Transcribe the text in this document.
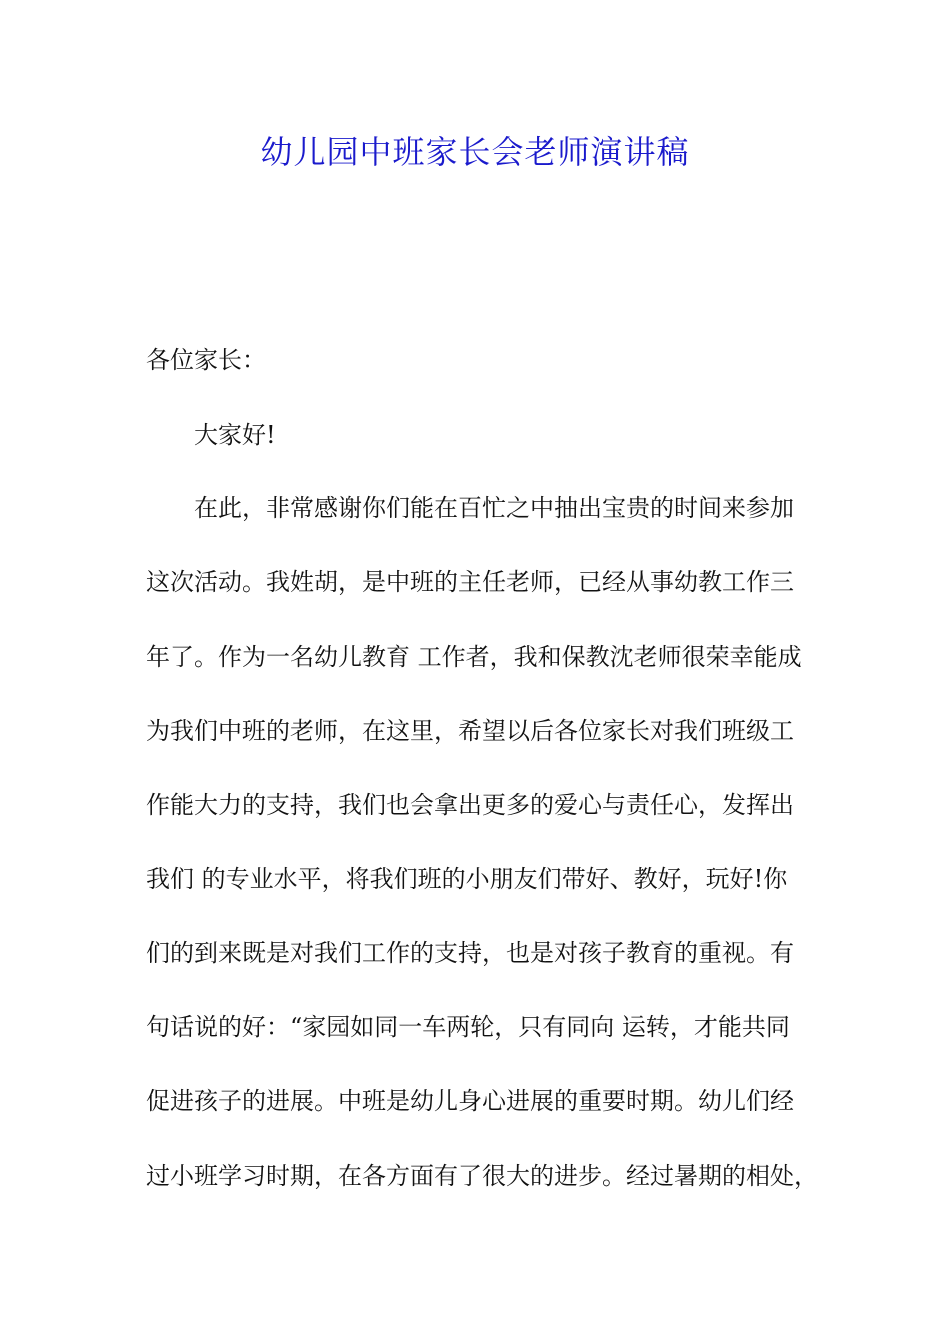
幼儿园中班家长会老师演讲稿
各位家长：
大家好!
在此，非常感谢你们能在百忙之中抽出宝贵的时间来参加
这次活动。我姓胡，是中班的主任老师，已经从事幼教工作三
年了。作为一名幼儿教育 工作者，我和保教沈老师很荣幸能成
为我们中班的老师，在这里，希望以后各位家长对我们班级工
作能大力的支持，我们也会拿出更多的爱心与责任心，发挥出
我们 的专业水平，将我们班的小朋友们带好、教好，玩好!你
们的到来既是对我们工作的支持，也是对孩子教育的重视。有
句话说的好：“家园如同一车两轮，只有同向 运转，才能共同
促进孩子的进展。中班是幼儿身心进展的重要时期。幼儿们经
过小班学习时期，在各方面有了很大的进步。经过暑期的相处，
